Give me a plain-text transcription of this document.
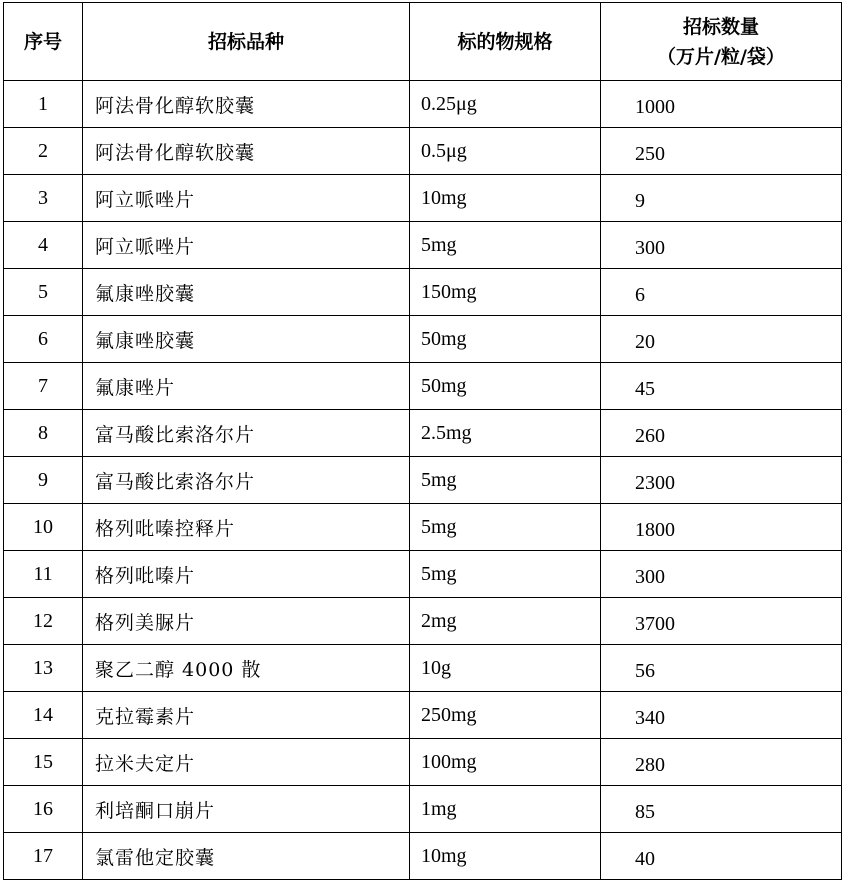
序号	招标品种	标的物规格	招标数量
（万片/粒/袋）

1	阿法骨化醇软胶囊	0.25μg	1000
2	阿法骨化醇软胶囊	0.5μg	250
3	阿立哌唑片	10mg	9
4	阿立哌唑片	5mg	300
5	氟康唑胶囊	150mg	6
6	氟康唑胶囊	50mg	20
7	氟康唑片	50mg	45
8	富马酸比索洛尔片	2.5mg	260
9	富马酸比索洛尔片	5mg	2300
10	格列吡嗪控释片	5mg	1800
11	格列吡嗪片	5mg	300
12	格列美脲片	2mg	3700
13	聚乙二醇 4000 散	10g	56
14	克拉霉素片	250mg	340
15	拉米夫定片	100mg	280
16	利培酮口崩片	1mg	85
17	氯雷他定胶囊	10mg	40
